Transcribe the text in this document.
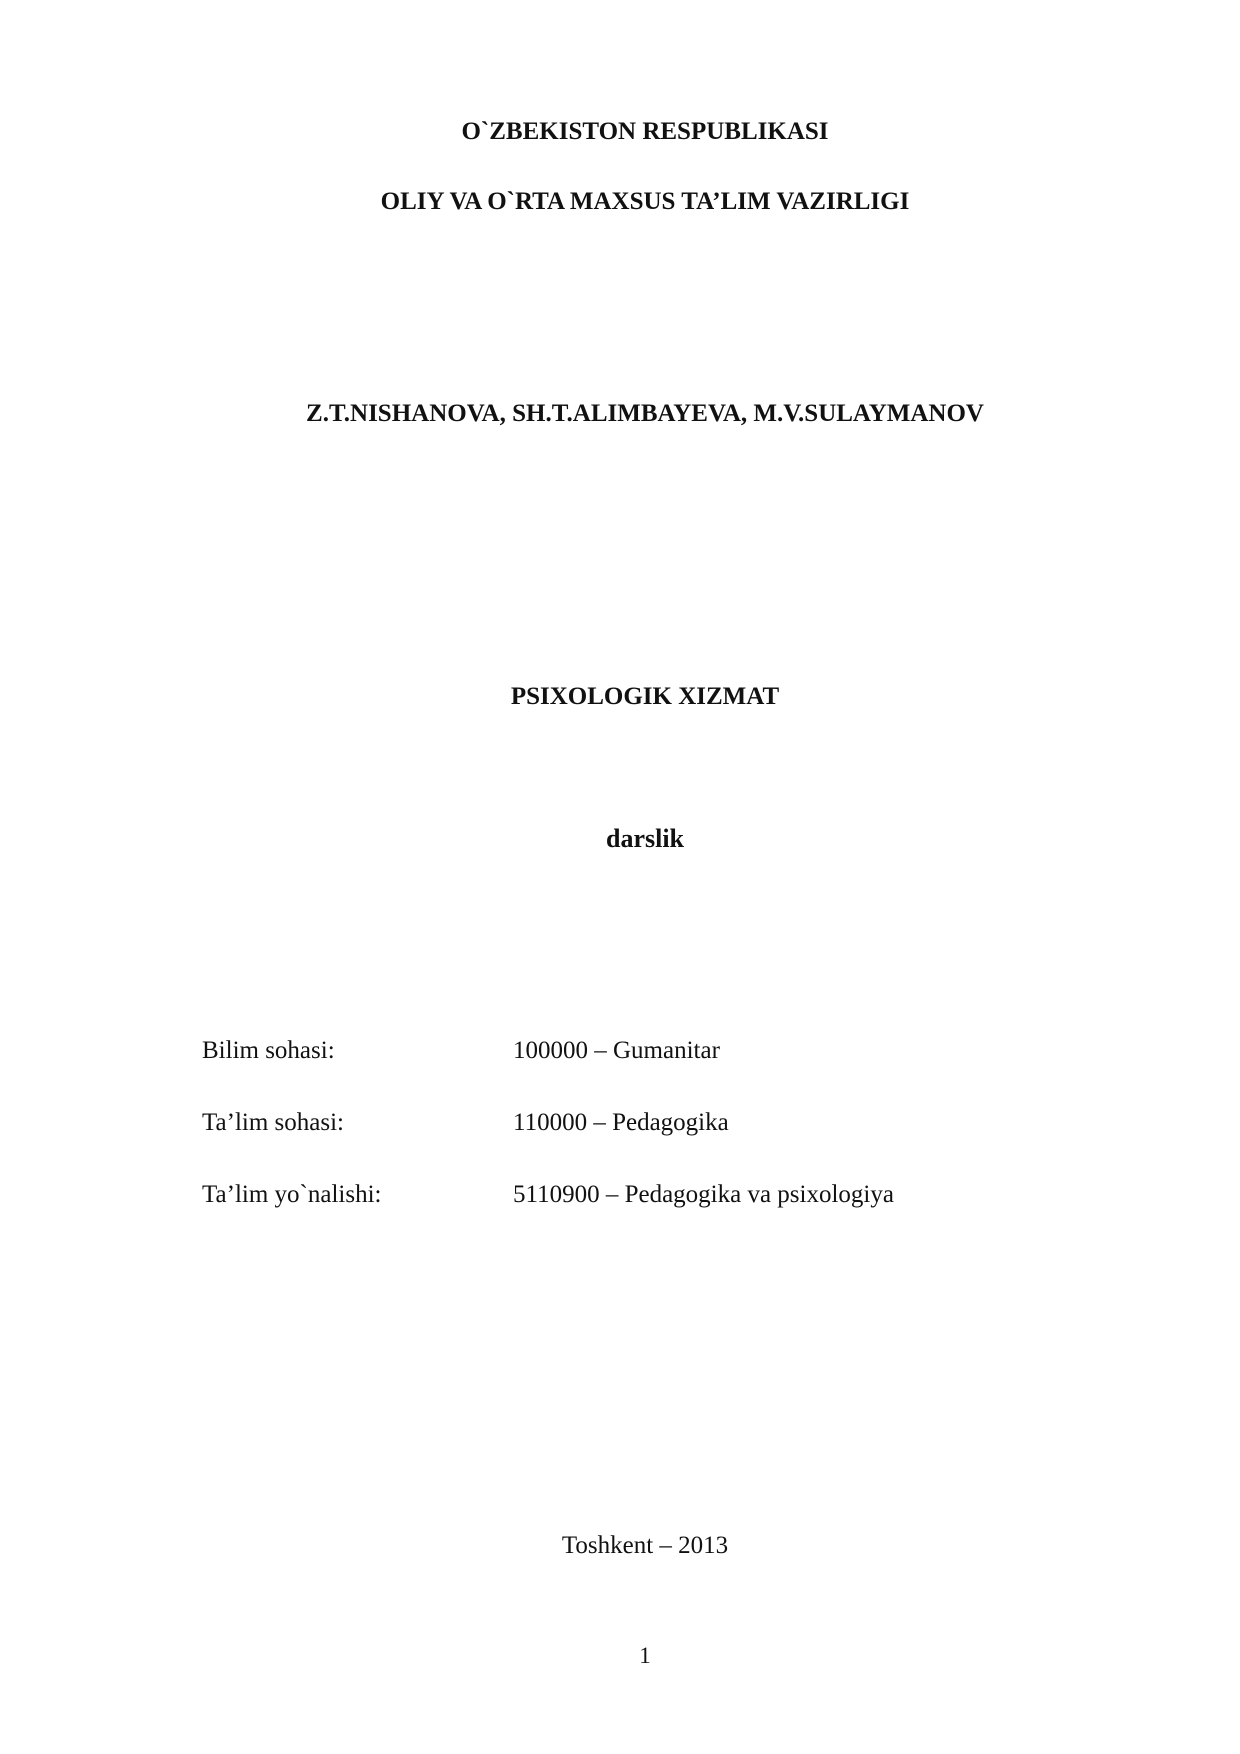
O`ZBEKISTON RESPUBLIKASI
OLIY VA O`RTA MAXSUS TA’LIM VAZIRLIGI
Z.T.NISHANOVA, SH.T.ALIMBAYEVA, M.V.SULAYMANOV
PSIXOLOGIK XIZMAT
darslik
Bilim sohasi:	100000 – Gumanitar
Ta’lim sohasi:	110000 – Pedagogika
Ta’lim yo`nalishi:	5110900 – Pedagogika va psixologiya
Toshkent – 2013
1
